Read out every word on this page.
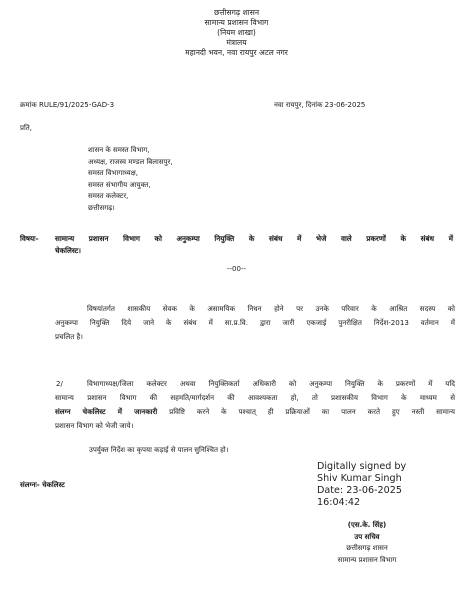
छत्तीसगढ़ शासन
सामान्य प्रशासन विभाग
(नियम शाखा)
मंत्रालय
महानदी भवन, नवा रायपुर अटल नगर
क्रमांक RULE/91/2025-GAD-3	नवा रायपुर, दिनांक 23-06-2025
प्रति,
शासन के समस्त विभाग,
अध्यक्ष, राजस्व मण्डल बिलासपुर,
समस्त विभागाध्यक्ष,
समस्त संभागीय आयुक्त,
समस्त कलेक्टर,
छत्तीसगढ़।
विषयः- सामान्य प्रशासन विभाग को अनुकम्पा नियुक्ति के संबंध में भेजे वाले प्रकरणों के संबंध में
चेकलिस्ट।
--00--
विषयांतर्गत शासकीय सेवक के असामयिक निधन होने पर उनके परिवार के आश्रित सदस्य को
अनुकम्पा नियुक्ति दिये जाने के संबंध में सा.प्र.वि. द्वारा जारी एकजाई पुनरीक्षित निर्देश-2013 वर्तमान में
प्रचलित है।
2/	विभागाध्यक्ष/जिला कलेक्टर अथवा नियुक्तिकर्ता अधिकारी को अनुकम्पा नियुक्ति के प्रकरणों में यदि
सामान्य प्रशासन विभाग की सहमति/मार्गदर्शन की आवश्यकता हो, तो प्रशासकीय विभाग के माध्यम से
संलग्न चेकलिस्ट में जानकारी प्रविष्टि करने के पश्चात् ही प्रक्रियाओं का पालन करते हुए नस्ती सामान्य
प्रशासन विभाग को भेजी जाये।
उपर्युक्त निर्देश का कृपया कड़ाई से पालन सुनिश्चित हो।
संलग्नः- चेकलिस्ट
Digitally signed by
Shiv Kumar Singh
Date: 23-06-2025
16:04:42
(एस.के. सिंह)
उप सचिव
छत्तीसगढ़ शासन
सामान्य प्रशासन विभाग
